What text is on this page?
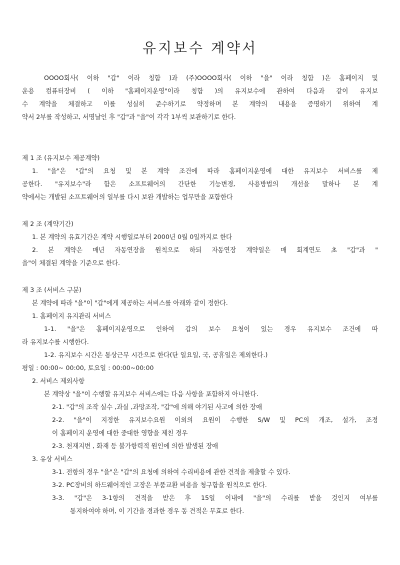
유지보수 계약서

OOOO회사( 이하 "갑" 이라 칭함 )과 (주)OOOO회사( 이하 "을" 이라 칭함 )은 홈페이지 및
운용 컴퓨터장비 ( 이하 "홈페이지운영"이라 칭함 )의 유지보수에 관하여 다음과 같이 유지보
수 계약을 체결하고 이를 성실히 준수하기로 약정하며 본 계약의 내용을 증명하기 위하여 계
약서 2부를 작성하고, 서명날인 후 "갑"과 "을"이 각각 1부씩 보관하기로 한다.

제 1 조 (유지보수 제공계약)
1. "을"은 "갑"의 요청 및 본 계약 조건에 따라 홈페이지운영에 대한 유지보수 서비스를 제
공한다. "유지보수"라 함은 소프트웨어의 간단한 기능변경, 사용방법의 개선을 말하나 본 계
약에서는 개발된 소프트웨어의 일부를 다시 보완 개발하는 업무만을 포함한다
제 2 조 (계약기간)
1. 본 계약의 유효기간은 계약 시행일로부터 2000년 0월 0일까지로 한다
2. 본 계약은 매년 자동연장을 원칙으로 하되 자동연장 계약일은 매 회계연도 초 "갑"과 "
을"이 체결된 계약을 기준으로 한다.
제 3 조 (서비스 구분)
본 계약에 따라 "을"이 "갑"에게 제공하는 서비스를 아래와 같이 정한다.
1. 홈페이지 유지관리 서비스
1-1. "을"은 홈페이지운영으로 인하여 갑의 보수 요청이 있는 경우 유지보수 조건에 따
라 유지보수를 시행한다.
1-2. 유지보수 시간은 통상근무 시간으로 한다(단 일요일, 국, 공휴일은 제외한다.)
평일 : 00:00~ 00:00, 토요일 : 00:00~00:00
2. 서비스 제외사항
본 계약상 "을"이 수행할 유지보수 서비스에는 다음 사항을 포함하지 아니한다.
2-1. "갑"의 조작 실수 ,과실 ,과망조작, "갑"에 의해 야기된 사고에 의한 장애
2-2. "을"이 지정한 유지보수요원 이외의 요원이 수행한 S/W 및 PC의 개조, 설가, 조정
이 홈페이지 운영에 대한 중대한 영향을 제친 경우
2-3. 천재지변 , 화재 등 불가항력적 원인에 의한 발생된 장애
3. 유상 서비스
3-1. 전항의 경우 "을"은 "갑"의 요청에 의하여 수리비용에 관한 견적을 제출할 수 있다.
3-2. PC장비의 하드웨어적인 고장은 부품교환 비용을 청구함을 원칙으로 한다.
3-3. "갑"은 3-1항의 견적을 받은 후 15일 이내에 "을"의 수리를 받을 것인지 여부를
통지하여야 하며, 이 기간을 경과한 경우 동 견적은 무효로 한다.
